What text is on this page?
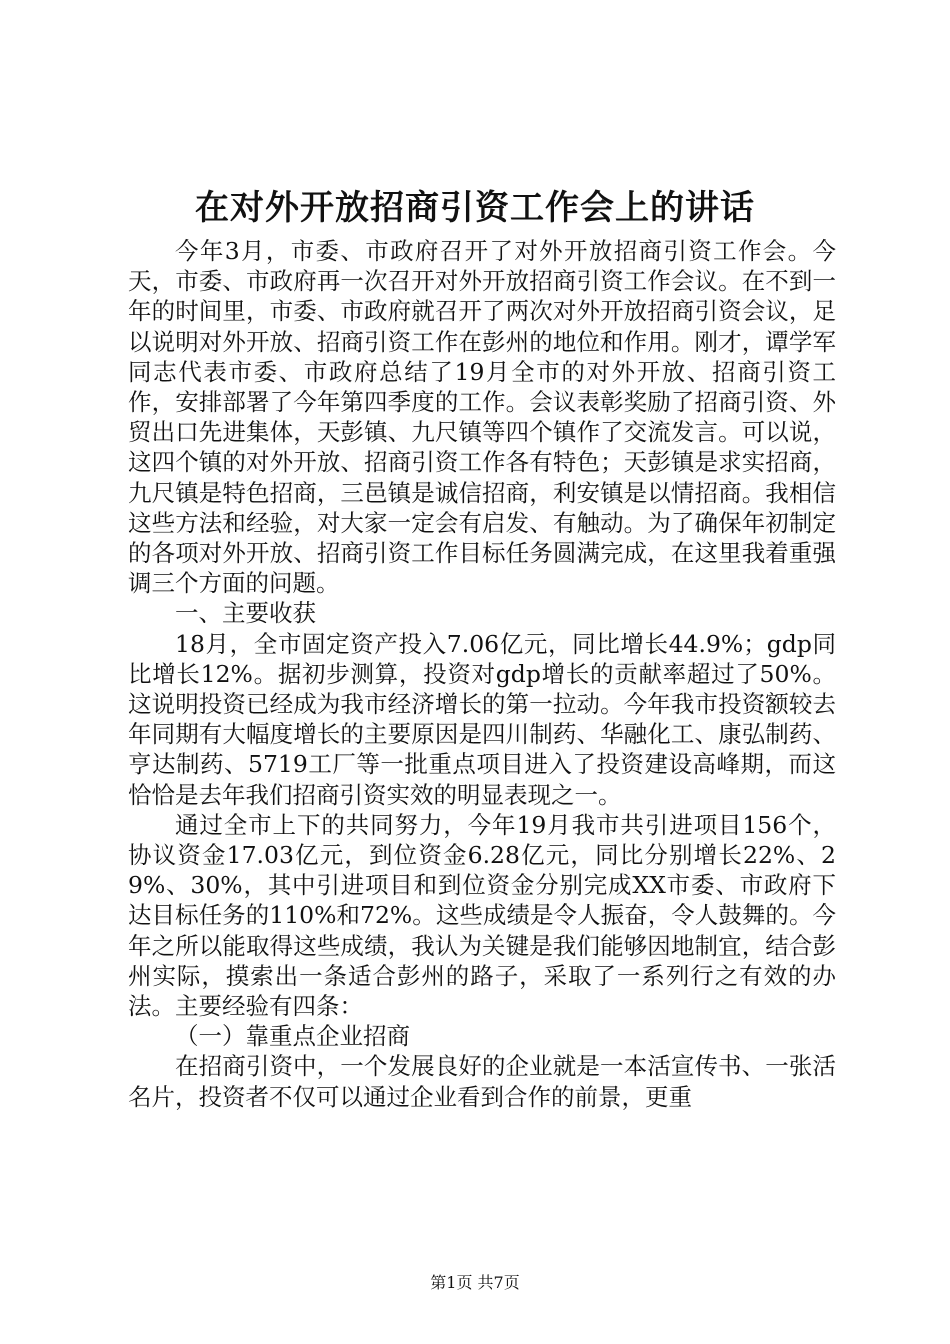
在对外开放招商引资工作会上的讲话

今年3月，市委、市政府召开了对外开放招商引资工作会。今天，市委、市政府再一次召开对外开放招商引资工作会议。在不到一年的时间里，市委、市政府就召开了两次对外开放招商引资会议，足以说明对外开放、招商引资工作在彭州的地位和作用。刚才，谭学军同志代表市委、市政府总结了19月全市的对外开放、招商引资工作，安排部署了今年第四季度的工作。会议表彰奖励了招商引资、外贸出口先进集体，天彭镇、九尺镇等四个镇作了交流发言。可以说，这四个镇的对外开放、招商引资工作各有特色；天彭镇是求实招商，九尺镇是特色招商，三邑镇是诚信招商，利安镇是以情招商。我相信这些方法和经验，对大家一定会有启发、有触动。为了确保年初制定的各项对外开放、招商引资工作目标任务圆满完成，在这里我着重强调三个方面的问题。

一、主要收获

18月，全市固定资产投入7.06亿元，同比增长44.9%；gdp同比增长12%。据初步测算，投资对gdp增长的贡献率超过了50%。这说明投资已经成为我市经济增长的第一拉动。今年我市投资额较去年同期有大幅度增长的主要原因是四川制药、华融化工、康弘制药、亨达制药、5719工厂等一批重点项目进入了投资建设高峰期，而这恰恰是去年我们招商引资实效的明显表现之一。

通过全市上下的共同努力，今年19月我市共引进项目156个，协议资金17.03亿元，到位资金6.28亿元，同比分别增长22%、29%、30%，其中引进项目和到位资金分别完成XX市委、市政府下达目标任务的110%和72%。这些成绩是令人振奋，令人鼓舞的。今年之所以能取得这些成绩，我认为关键是我们能够因地制宜，结合彭州实际，摸索出一条适合彭州的路子，采取了一系列行之有效的办法。主要经验有四条：

（一）靠重点企业招商

在招商引资中，一个发展良好的企业就是一本活宣传书、一张活名片，投资者不仅可以通过企业看到合作的前景，更重

第1页 共7页
